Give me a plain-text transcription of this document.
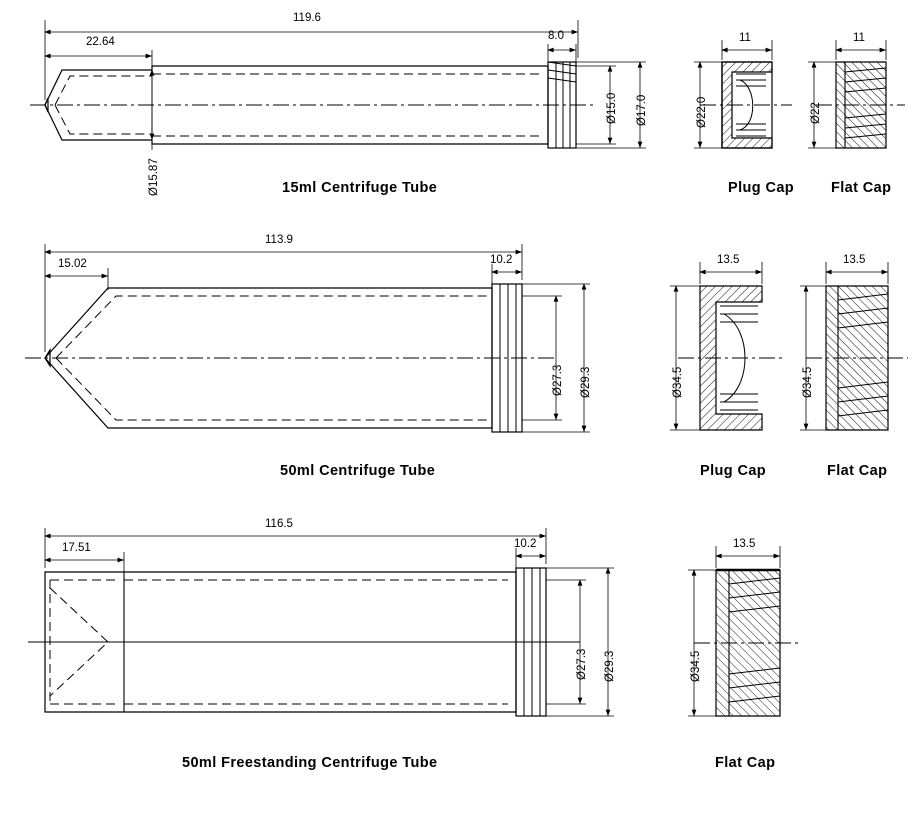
119.6
22.64	8.0
Ø15.87
Ø15.0 Ø17.0
15ml Centrifuge Tube
11
Ø22.0
Plug Cap
11
Ø22
Flat Cap
113.9
15.02	10.2
Ø27.3 Ø29.3
50ml Centrifuge Tube
13.5
Ø34.5
Plug Cap
13.5
Ø34.5
Flat Cap
116.5
17.51	10.2
Ø27.3 Ø29.3
50ml Freestanding Centrifuge Tube
13.5
Ø34.5
Flat Cap
